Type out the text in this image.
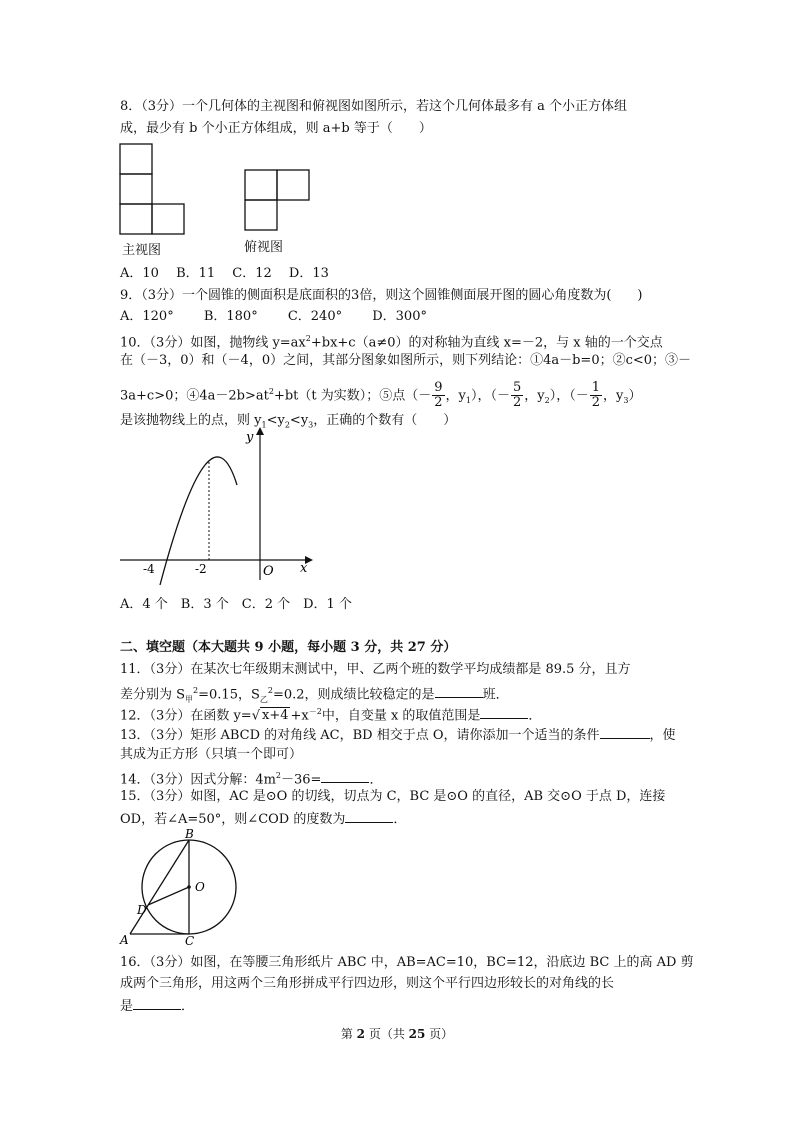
8．（3分）一个几何体的主视图和俯视图如图所示，若这个几何体最多有 a 个小正方体组
成，最少有 b 个小正方体组成，则 a+b 等于（　　）
主视图	俯视图
A．10　 B．11　 C．12　 D．13
9．（3分）一个圆锥的侧面积是底面积的3倍，则这个圆锥侧面展开图的圆心角度数为(　　)
A．120°　　 B．180°　　 C．240°　　 D．300°
10．（3分）如图，抛物线 $y=ax^2+bx+c(a\ne 0)$的对称轴为直线 x=－2，与 x 轴的一个交点
在（－3，0）和（－4，0）之间，其部分图象如图所示，则下列结论：①4a－b=0；②c<0；③－
3a+c>0；$④4a-2b>at^2+bt(t$ 为实数）；⑤点（－ $\frac{9}{2}$ ，$y_1$），（－ $\frac{5}{2}$ ，$y_2$），（－ $\frac{1}{2}$ ，$y_3$）
是该抛物线上的点，则 $y_1<y_2<y_3$，正确的个数有（　　）
y
x
-4	-2	O
A．4 个　B．3 个　C．2 个　D．1 个
二、填空题（本大题共 9 小题，每小题 3 分，共 27 分）
11．（3分）在某次七年级期末测试中，甲、乙两个班的数学平均成绩都是 89.5 分，且方
差分别为 $S_甲^2=0.15$，$S_乙^2=0.2$，则成绩比较稳定的是	班．
12．（3分）在函数 y=√ $x+4 +x^{-2}$中，自变量 x 的取值范围是	．
13．（3分）矩形 ABCD 的对角线 AC，BD 相交于点 O，请你添加一个适当的条件	，使
其成为正方形（只填一个即可）
14．（3分）因式分解：$4m^2-36=$	．
15．（3分）如图，AC 是⊙O 的切线，切点为 C，BC 是⊙O 的直径，AB 交⊙O 于点 D，连接
OD，若∠A=50°，则∠COD 的度数为	．
B
O
D
A	C
16．（3分）如图，在等腰三角形纸片 ABC 中，AB=AC=10，BC=12，沿底边 BC 上的高 AD 剪
成两个三角形，用这两个三角形拼成平行四边形，则这个平行四边形较长的对角线的长
是	．
第 2 页（共 25 页）
